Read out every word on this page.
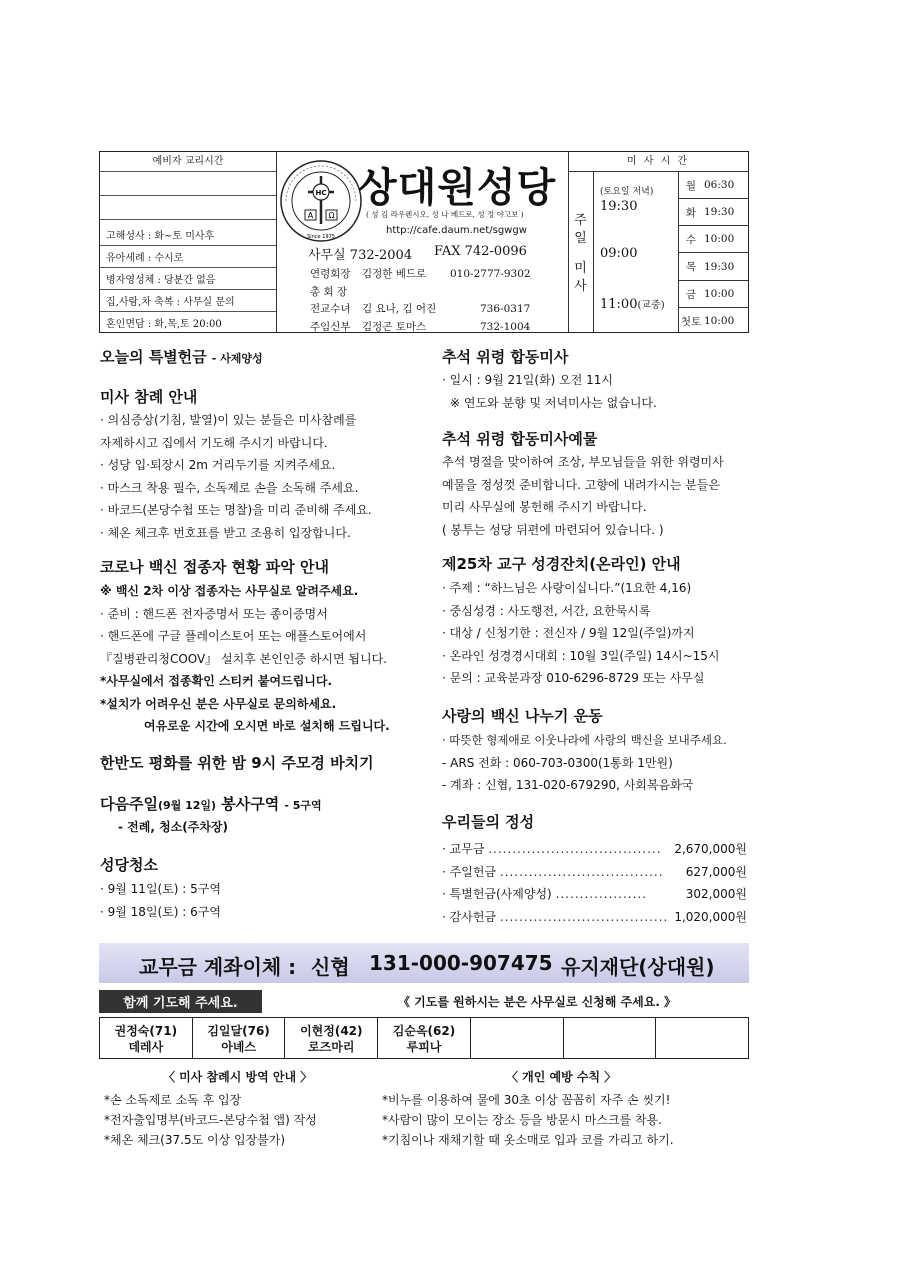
예비자 교리시간
고해성사 : 화~토 미사후
유아세례 : 수시로
병자영성체 : 당분간 없음
집,사람,차 축복 : 사무실 문의
혼인면담 : 화,목,토 20:00
HC
A Ω
Since 1975
상대원성당
( 성 김 라우렌시오, 성 나 베드로, 성 정 야고보 )
http://cafe.daum.net/sgwgw
사무실 732-2004 FAX 742-0096
연령회장 김정한 베드로 010-2777-9302
총 회 장
전교수녀 김 요나, 김 어진	736-0317
주임신부 김정곤 토마스	732-1004
미 사 시 간
주
일
미
사
(토요일 저녁)
19:30
09:00
11:00(교중)
월 06:30
화 19:30
수 10:00
목 19:30
금 10:00
첫토 10:00
오늘의 특별헌금 - 사제양성
미사 참례 안내
· 의심증상(기침, 발열)이 있는 분들은 미사참례를
자제하시고 집에서 기도해 주시기 바랍니다.
· 성당 입·퇴장시 2m 거리두기를 지켜주세요.
· 마스크 착용 필수, 소독제로 손을 소독해 주세요.
· 바코드(본당수첩 또는 명찰)을 미리 준비해 주세요.
· 체온 체크후 번호표를 받고 조용히 입장합니다.
코로나 백신 접종자 현황 파악 안내
※ 백신 2차 이상 접종자는 사무실로 알려주세요.
· 준비 : 핸드폰 전자증명서 또는 종이증명서
· 핸드폰에 구글 플레이스토어 또는 애플스토어에서
『질병관리청COOV』 설치후 본인인증 하시면 됩니다.
*사무실에서 접종확인 스티커 붙여드립니다.
*설치가 어려우신 분은 사무실로 문의하세요.
여유로운 시간에 오시면 바로 설치해 드립니다.
한반도 평화를 위한 밤 9시 주모경 바치기
다음주일(9월 12일) 봉사구역 - 5구역
- 전례, 청소(주차장)
성당청소
· 9월 11일(토) : 5구역
· 9월 18일(토) : 6구역
추석 위령 합동미사
· 일시 : 9월 21일(화) 오전 11시
※ 연도와 분향 및 저녁미사는 없습니다.
추석 위령 합동미사예물
추석 명절을 맞이하여 조상, 부모님들을 위한 위령미사
예물을 정성껏 준비합니다. 고향에 내려가시는 분들은
미리 사무실에 봉헌해 주시기 바랍니다.
( 봉투는 성당 뒤편에 마련되어 있습니다. )
제25차 교구 성경잔치(온라인) 안내
· 주제 : “하느님은 사랑이십니다.”(1요한 4,16)
· 중심성경 : 사도행전, 서간, 요한묵시록
· 대상 / 신청기한 : 전신자 / 9월 12일(주일)까지
· 온라인 성경경시대회 : 10월 3일(주일) 14시~15시
· 문의 : 교육분과장 010-6296-8729 또는 사무실
사랑의 백신 나누기 운동
· 따뜻한 형제애로 이웃나라에 사랑의 백신을 보내주세요.
- ARS 전화 : 060-703-0300(1통화 1만원)
- 계좌 : 신협, 131-020-679290, 사회복음화국
우리들의 정성
· 교무금 .................................... 2,670,000원
· 주일헌금 .................................. 627,000원
· 특별헌금(사제양성) ...................	302,000원
· 감사헌금 ................................... 1,020,000원
교무금 계좌이체 : 신협 131-000-907475 유지재단(상대원)
함께 기도해 주세요.	《 기도를 원하시는 분은 사무실로 신청해 주세요. 》
권정숙(71)
데레사
김일달(76)
아녜스
이현정(42)
로즈마리
김순옥(62)
루피나
〈 미사 참례시 방역 안내 〉
*손 소독제로 소독 후 입장
*전자출입명부(바코드-본당수첩 앱) 작성
*체온 체크(37.5도 이상 입장불가)
〈 개인 예방 수칙 〉
*비누를 이용하여 물에 30초 이상 꼼꼼히 자주 손 씻기!
*사람이 많이 모이는 장소 등을 방문시 마스크를 착용.
*기침이나 재채기할 때 옷소매로 입과 코를 가리고 하기.
